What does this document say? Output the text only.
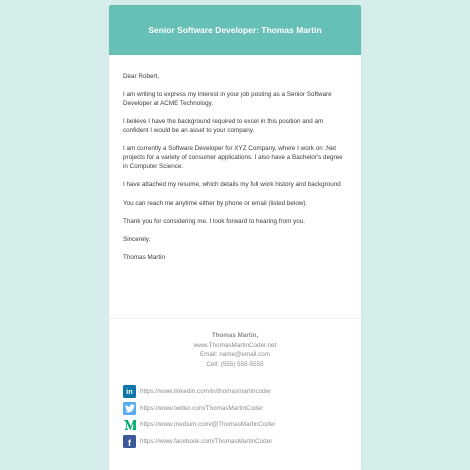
Senior Software Developer: Thomas Martin

Dear Robert,

I am writing to express my interest in your job posting as a Senior Software Developer at ACME Technology.

I believe I have the background required to excel in this position and am confident I would be an asset to your company.

I am currently a Software Developer for XYZ Company, where I work on .Net projects for a variety of consumer applications. I also have a Bachelor's degree in Computer Science.

I have attached my resume, which details my full work history and background

You can reach me anytime either by phone or email (listed below).

Thank you for considering me. I look forward to hearing from you.

Sincerely,

Thomas Martin

Thomas Martin,
www.ThomasMartinCoder.net
Email: name@email.com
Cell: (555) 555-5555
in	https://www.linkedin.com/in/thomasmartincoder
https://www.twitter.com/ThomasMartinCoder
https://www.medium.com/@ThomasMartinCoder
f	https://www.facebook.com/ThomasMartinCoder
